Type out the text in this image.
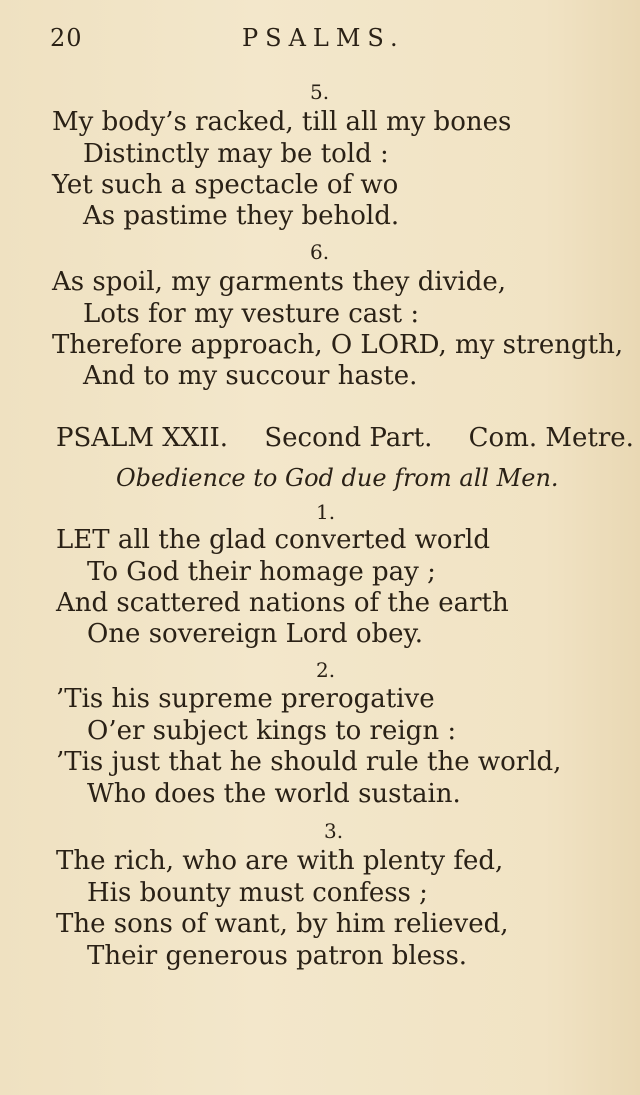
20	PSALMS.
5.
My body’s racked, till all my bones
Distinctly may be told :
Yet such a spectacle of wo
As pastime they behold.
6.
As spoil, my garments they divide,
Lots for my vesture cast :
Therefore approach, O LORD, my strength,
And to my succour haste.
PSALM XXII. Second Part. Com. Metre.
Obedience to God due from all Men.
1.
LET all the glad converted world
To God their homage pay ;
And scattered nations of the earth
One sovereign Lord obey.
2.
’Tis his supreme prerogative
O’er subject kings to reign :
’Tis just that he should rule the world,
Who does the world sustain.
3.
The rich, who are with plenty fed,
His bounty must confess ;
The sons of want, by him relieved,
Their generous patron bless.
